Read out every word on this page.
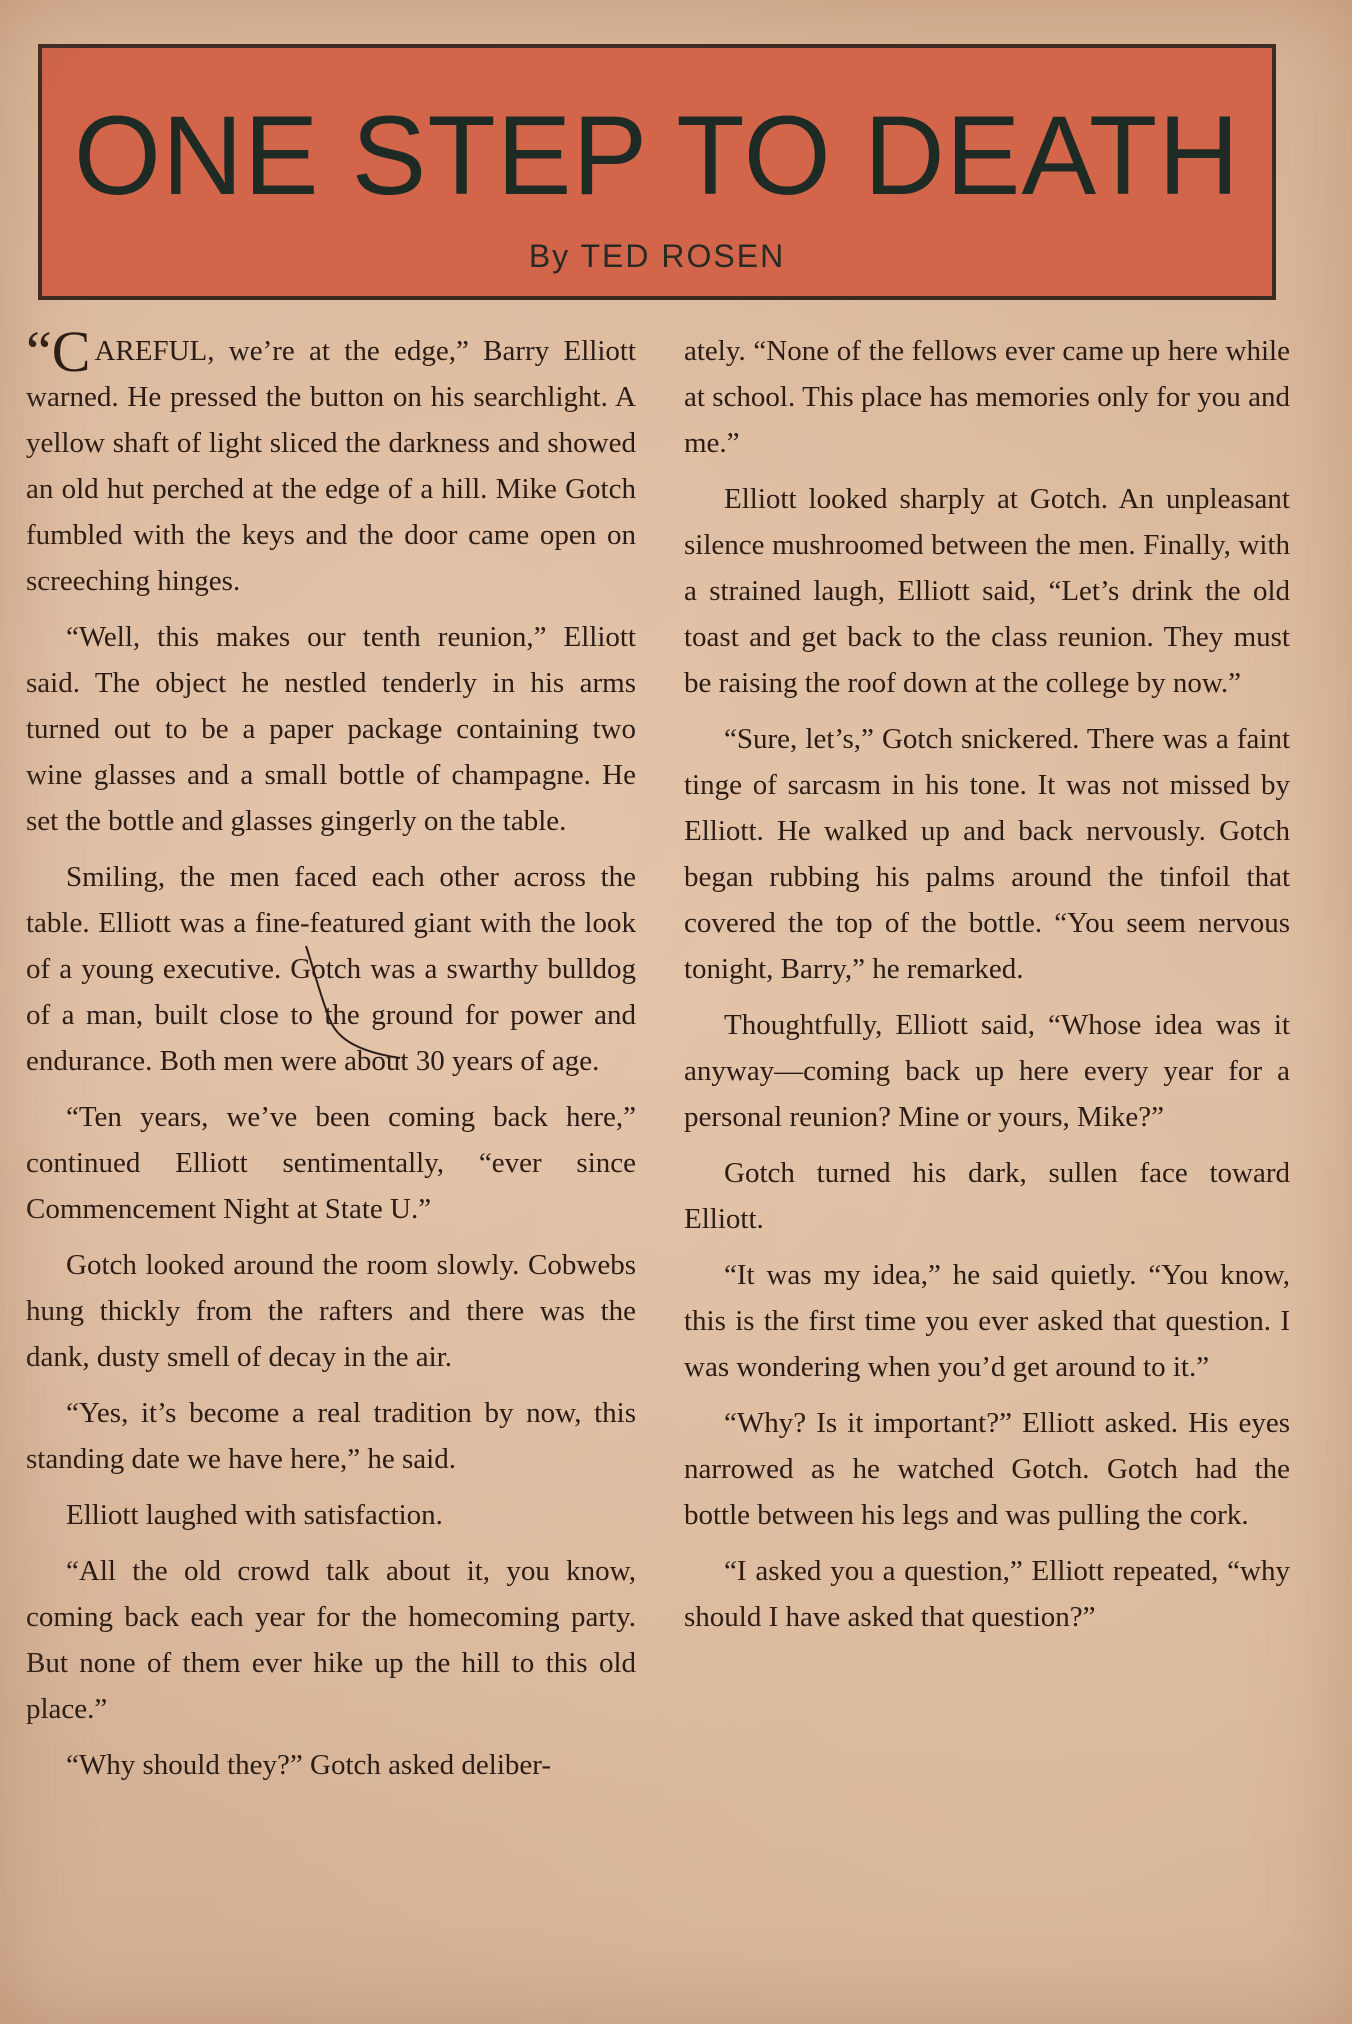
ONE STEP TO DEATH
By TED ROSEN

“CAREFUL, we’re at the edge,” Barry Elliott warned. He pressed the button on his searchlight. A yellow shaft of light sliced the darkness and showed an old hut perched at the edge of a hill. Mike Gotch fumbled with the keys and the door came open on screeching hinges.

“Well, this makes our tenth reunion,” Elliott said. The object he nestled tenderly in his arms turned out to be a paper package containing two wine glasses and a small bottle of champagne. He set the bottle and glasses gingerly on the table.

Smiling, the men faced each other across the table. Elliott was a fine-featured giant with the look of a young executive. Gotch was a swarthy bulldog of a man, built close to the ground for power and endurance. Both men were about 30 years of age.

“Ten years, we’ve been coming back here,” continued Elliott sentimentally, “ever since Commencement Night at State U.”

Gotch looked around the room slowly. Cobwebs hung thickly from the rafters and there was the dank, dusty smell of decay in the air.

“Yes, it’s become a real tradition by now, this standing date we have here,” he said.

Elliott laughed with satisfaction.

“All the old crowd talk about it, you know, coming back each year for the homecoming party. But none of them ever hike up the hill to this old place.”

“Why should they?” Gotch asked deliber-

ately. “None of the fellows ever came up here while at school. This place has memories only for you and me.”

Elliott looked sharply at Gotch. An unpleasant silence mushroomed between the men. Finally, with a strained laugh, Elliott said, “Let’s drink the old toast and get back to the class reunion. They must be raising the roof down at the college by now.”

“Sure, let’s,” Gotch snickered. There was a faint tinge of sarcasm in his tone. It was not missed by Elliott. He walked up and back nervously. Gotch began rubbing his palms around the tinfoil that covered the top of the bottle. “You seem nervous tonight, Barry,” he remarked.

Thoughtfully, Elliott said, “Whose idea was it anyway—coming back up here every year for a personal reunion? Mine or yours, Mike?”

Gotch turned his dark, sullen face toward Elliott.

“It was my idea,” he said quietly. “You know, this is the first time you ever asked that question. I was wondering when you’d get around to it.”

“Why? Is it important?” Elliott asked. His eyes narrowed as he watched Gotch. Gotch had the bottle between his legs and was pulling the cork.

“I asked you a question,” Elliott repeated, “why should I have asked that question?”
